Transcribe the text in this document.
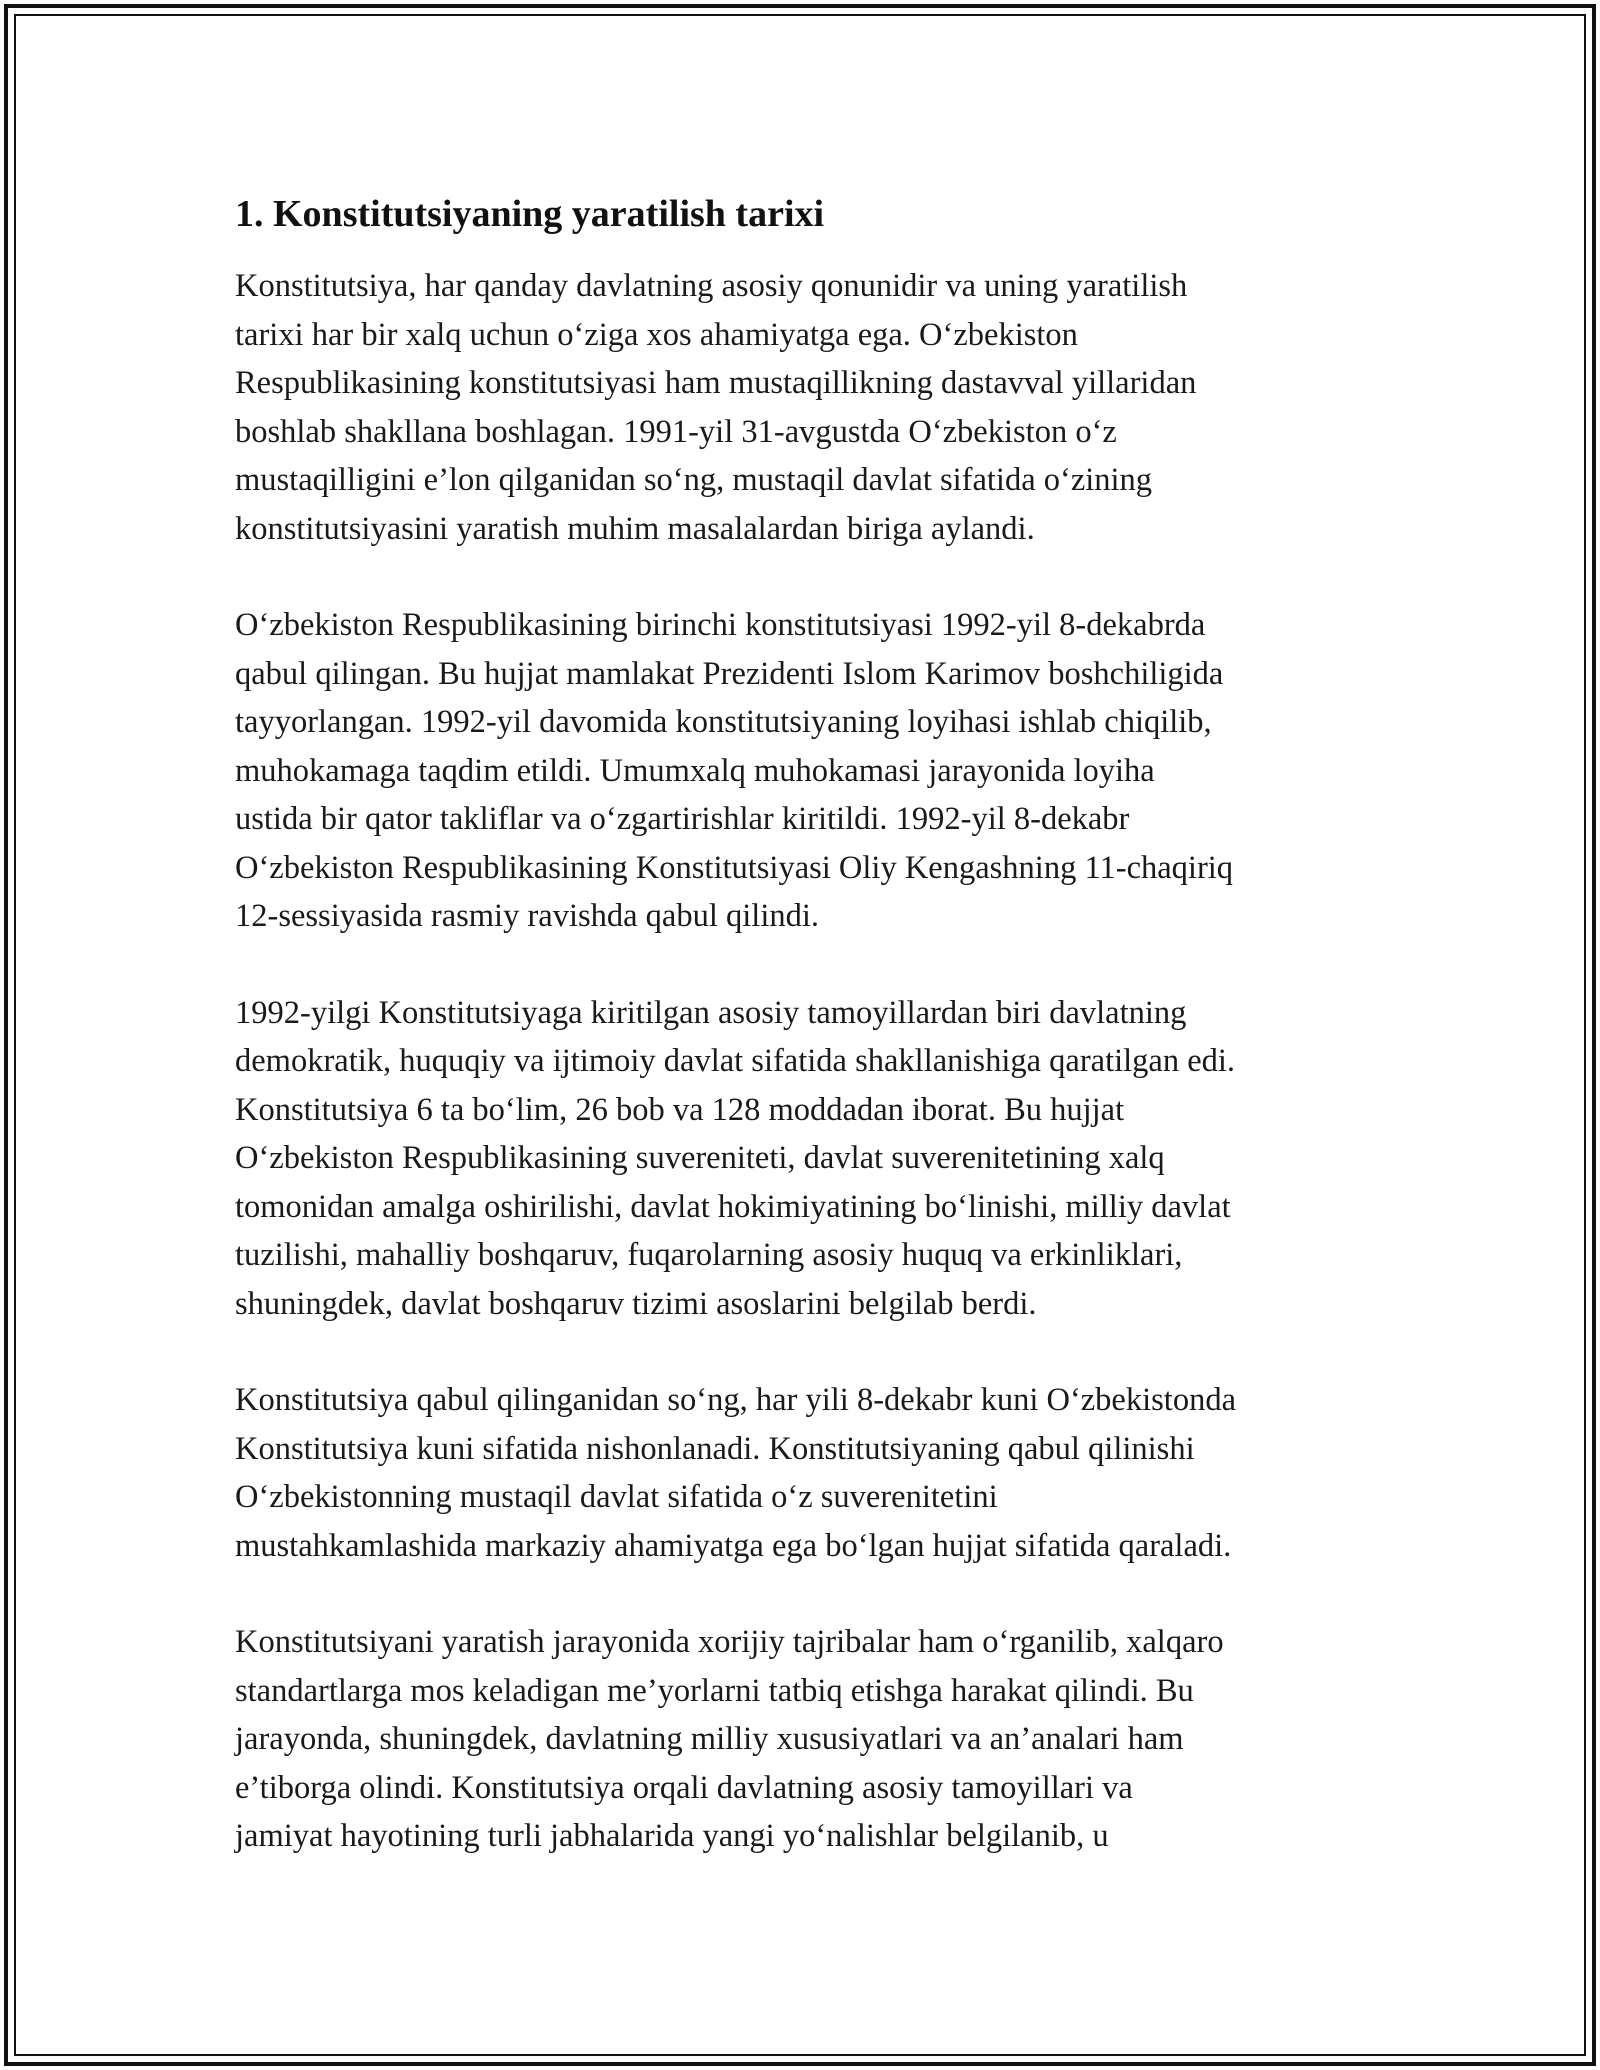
1. Konstitutsiyaning yaratilish tarixi

Konstitutsiya, har qanday davlatning asosiy qonunidir va uning yaratilish
tarixi har bir xalq uchun o‘ziga xos ahamiyatga ega. O‘zbekiston
Respublikasining konstitutsiyasi ham mustaqillikning dastavval yillaridan
boshlab shakllana boshlagan. 1991-yil 31-avgustda O‘zbekiston o‘z
mustaqilligini e’lon qilganidan so‘ng, mustaqil davlat sifatida o‘zining
konstitutsiyasini yaratish muhim masalalardan biriga aylandi.

O‘zbekiston Respublikasining birinchi konstitutsiyasi 1992-yil 8-dekabrda
qabul qilingan. Bu hujjat mamlakat Prezidenti Islom Karimov boshchiligida
tayyorlangan. 1992-yil davomida konstitutsiyaning loyihasi ishlab chiqilib,
muhokamaga taqdim etildi. Umumxalq muhokamasi jarayonida loyiha
ustida bir qator takliflar va o‘zgartirishlar kiritildi. 1992-yil 8-dekabr
O‘zbekiston Respublikasining Konstitutsiyasi Oliy Kengashning 11-chaqiriq
12-sessiyasida rasmiy ravishda qabul qilindi.

1992-yilgi Konstitutsiyaga kiritilgan asosiy tamoyillardan biri davlatning
demokratik, huquqiy va ijtimoiy davlat sifatida shakllanishiga qaratilgan edi.
Konstitutsiya 6 ta bo‘lim, 26 bob va 128 moddadan iborat. Bu hujjat
O‘zbekiston Respublikasining suvereniteti, davlat suverenitetining xalq
tomonidan amalga oshirilishi, davlat hokimiyatining bo‘linishi, milliy davlat
tuzilishi, mahalliy boshqaruv, fuqarolarning asosiy huquq va erkinliklari,
shuningdek, davlat boshqaruv tizimi asoslarini belgilab berdi.

Konstitutsiya qabul qilinganidan so‘ng, har yili 8-dekabr kuni O‘zbekistonda
Konstitutsiya kuni sifatida nishonlanadi. Konstitutsiyaning qabul qilinishi
O‘zbekistonning mustaqil davlat sifatida o‘z suverenitetini
mustahkamlashida markaziy ahamiyatga ega bo‘lgan hujjat sifatida qaraladi.

Konstitutsiyani yaratish jarayonida xorijiy tajribalar ham o‘rganilib, xalqaro
standartlarga mos keladigan me’yorlarni tatbiq etishga harakat qilindi. Bu
jarayonda, shuningdek, davlatning milliy xususiyatlari va an’analari ham
e’tiborga olindi. Konstitutsiya orqali davlatning asosiy tamoyillari va
jamiyat hayotining turli jabhalarida yangi yo‘nalishlar belgilanib, u
